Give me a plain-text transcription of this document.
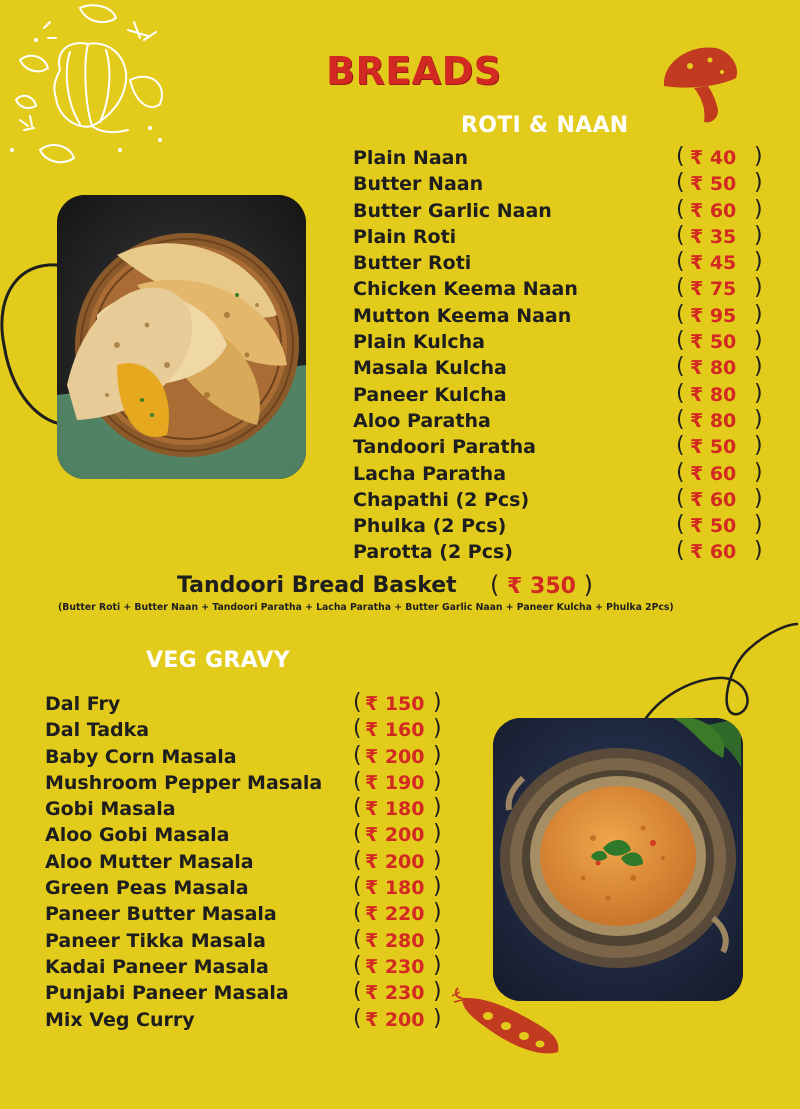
BREADS
ROTI & NAAN
Plain Naan
Butter Naan
Butter Garlic Naan
Plain Roti
Butter Roti
Chicken Keema Naan
Mutton Keema Naan
Plain Kulcha
Masala Kulcha
Paneer Kulcha
Aloo Paratha
Tandoori Paratha
Lacha Paratha
Chapathi (2 Pcs)
Phulka (2 Pcs)
Parotta (2 Pcs)
( ₹ 40 )
( ₹ 50 )
( ₹ 60 )
( ₹ 35 )
( ₹ 45 )
( ₹ 75 )
( ₹ 95 )
( ₹ 50 )
( ₹ 80 )
( ₹ 80 )
( ₹ 80 )
( ₹ 50 )
( ₹ 60 )
( ₹ 60 )
( ₹ 50 )
( ₹ 60 )
Tandoori Bread Basket ( ₹ 350 )
(Butter Roti + Butter Naan + Tandoori Paratha + Lacha Paratha + Butter Garlic Naan + Paneer Kulcha + Phulka 2Pcs)
VEG GRAVY
Dal Fry
Dal Tadka
Baby Corn Masala
Mushroom Pepper Masala
Gobi Masala
Aloo Gobi Masala
Aloo Mutter Masala
Green Peas Masala
Paneer Butter Masala
Paneer Tikka Masala
Kadai Paneer Masala
Punjabi Paneer Masala
Mix Veg Curry
( ₹ 150 )
( ₹ 160 )
( ₹ 200 )
( ₹ 190 )
( ₹ 180 )
( ₹ 200 )
( ₹ 200 )
( ₹ 180 )
( ₹ 220 )
( ₹ 280 )
( ₹ 230 )
( ₹ 230 )
( ₹ 200 )
